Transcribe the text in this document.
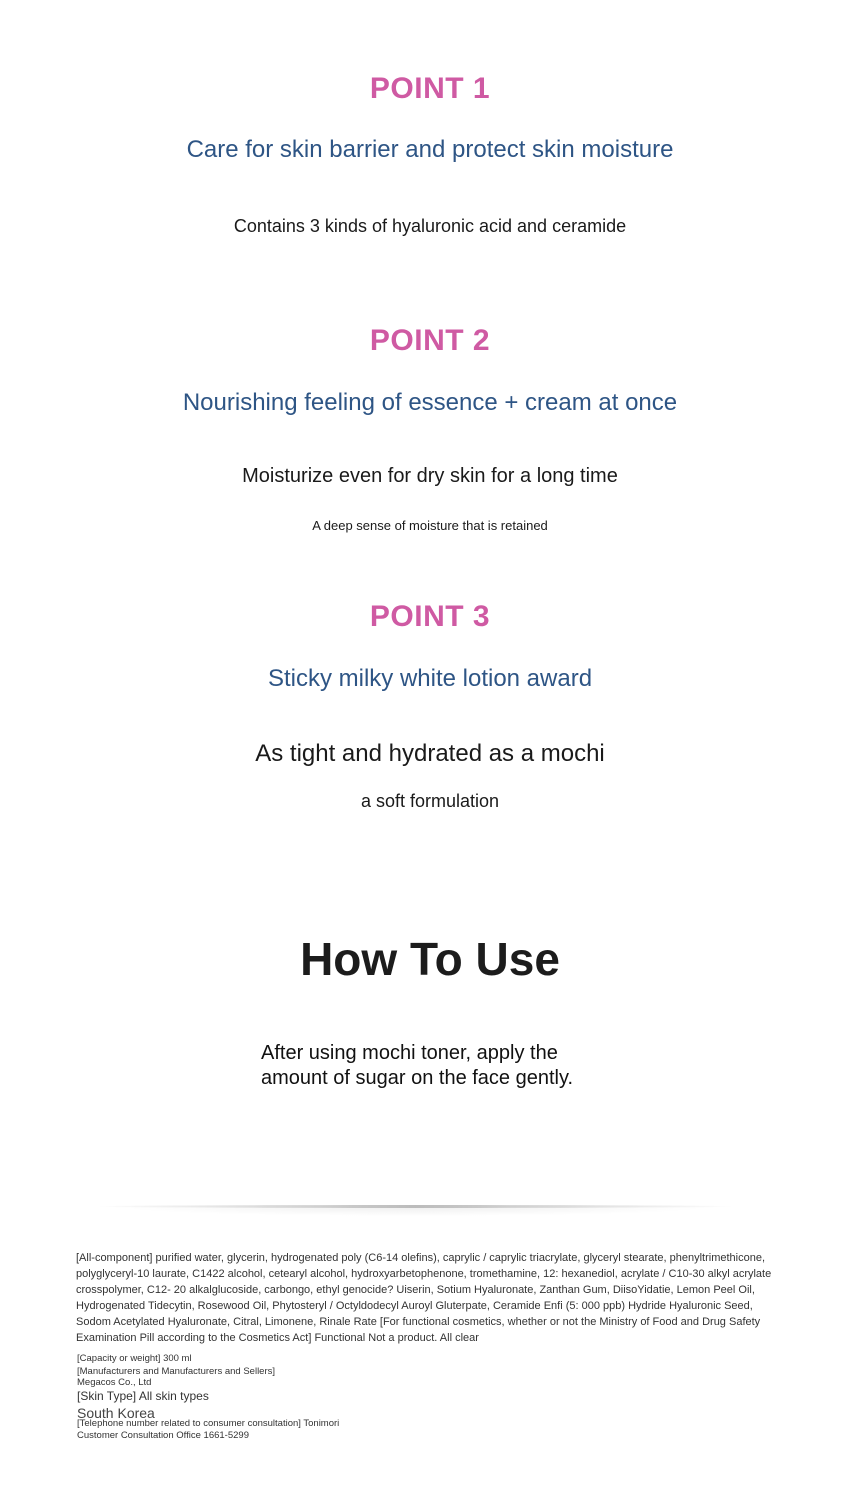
POINT 1
Care for skin barrier and protect skin moisture
Contains 3 kinds of hyaluronic acid and ceramide
POINT 2
Nourishing feeling of essence + cream at once
Moisturize even for dry skin for a long time
A deep sense of moisture that is retained
POINT 3
Sticky milky white lotion award
As tight and hydrated as a mochi
a soft formulation
How To Use
After using mochi toner, apply the
amount of sugar on the face gently.
[All-component] purified water, glycerin, hydrogenated poly (C6-14 olefins), caprylic / caprylic triacrylate, glyceryl stearate, phenyltrimethicone, polyglyceryl-10 laurate, C1422 alcohol, cetearyl alcohol, hydroxyarbetophenone, tromethamine, 12: hexanediol, acrylate / C10-30 alkyl acrylate crosspolymer, C12- 20 alkalglucoside, carbongo, ethyl genocide? Uiserin, Sotium Hyaluronate, Zanthan Gum, DiisoYidatie, Lemon Peel Oil, Hydrogenated Tidecytin, Rosewood Oil, Phytosteryl / Octyldodecyl Auroyl Gluterpate, Ceramide Enfi (5: 000 ppb) Hydride Hyaluronic Seed, Sodom Acetylated Hyaluronate, Citral, Limonene, Rinale Rate [For functional cosmetics, whether or not the Ministry of Food and Drug Safety Examination Pill according to the Cosmetics Act] Functional Not a product. All clear
[Capacity or weight] 300 ml
[Manufacturers and Manufacturers and Sellers]
Megacos Co., Ltd
[Skin Type] All skin types
South Korea
[Telephone number related to consumer consultation] Tonimori
Customer Consultation Office 1661-5299
